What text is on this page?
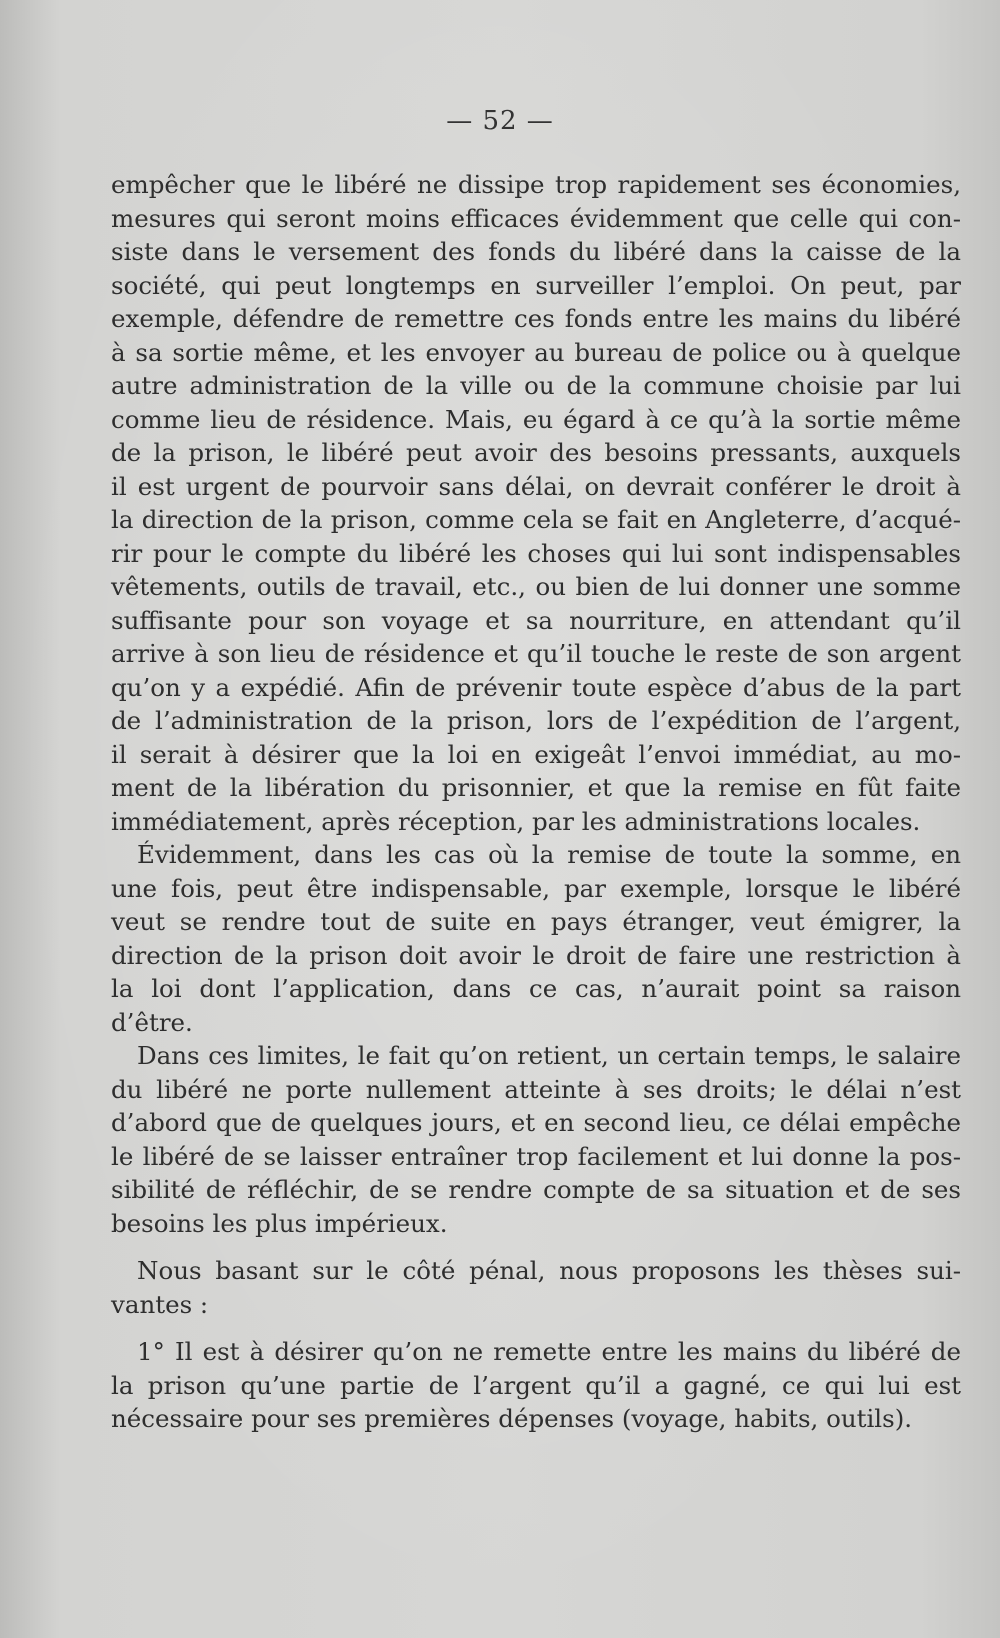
— 52 —
empêcher que le libéré ne dissipe trop rapidement ses économies,
mesures qui seront moins efficaces évidemment que celle qui con-
siste dans le versement des fonds du libéré dans la caisse de la
société, qui peut longtemps en surveiller l’emploi. On peut, par
exemple, défendre de remettre ces fonds entre les mains du libéré
à sa sortie même, et les envoyer au bureau de police ou à quelque
autre administration de la ville ou de la commune choisie par lui
comme lieu de résidence. Mais, eu égard à ce qu’à la sortie même
de la prison, le libéré peut avoir des besoins pressants, auxquels
il est urgent de pourvoir sans délai, on devrait conférer le droit à
la direction de la prison, comme cela se fait en Angleterre, d’acqué-
rir pour le compte du libéré les choses qui lui sont indispensables
vêtements, outils de travail, etc., ou bien de lui donner une somme
suffisante pour son voyage et sa nourriture, en attendant qu’il
arrive à son lieu de résidence et qu’il touche le reste de son argent
qu’on y a expédié. Afin de prévenir toute espèce d’abus de la part
de l’administration de la prison, lors de l’expédition de l’argent,
il serait à désirer que la loi en exigeât l’envoi immédiat, au mo-
ment de la libération du prisonnier, et que la remise en fût faite
immédiatement, après réception, par les administrations locales.
Évidemment, dans les cas où la remise de toute la somme, en
une fois, peut être indispensable, par exemple, lorsque le libéré
veut se rendre tout de suite en pays étranger, veut émigrer, la
direction de la prison doit avoir le droit de faire une restriction à
la loi dont l’application, dans ce cas, n’aurait point sa raison
d’être.
Dans ces limites, le fait qu’on retient, un certain temps, le salaire
du libéré ne porte nullement atteinte à ses droits; le délai n’est
d’abord que de quelques jours, et en second lieu, ce délai empêche
le libéré de se laisser entraîner trop facilement et lui donne la pos-
sibilité de réfléchir, de se rendre compte de sa situation et de ses
besoins les plus impérieux.
Nous basant sur le côté pénal, nous proposons les thèses sui-
vantes :
1° Il est à désirer qu’on ne remette entre les mains du libéré de
la prison qu’une partie de l’argent qu’il a gagné, ce qui lui est
nécessaire pour ses premières dépenses (voyage, habits, outils).
